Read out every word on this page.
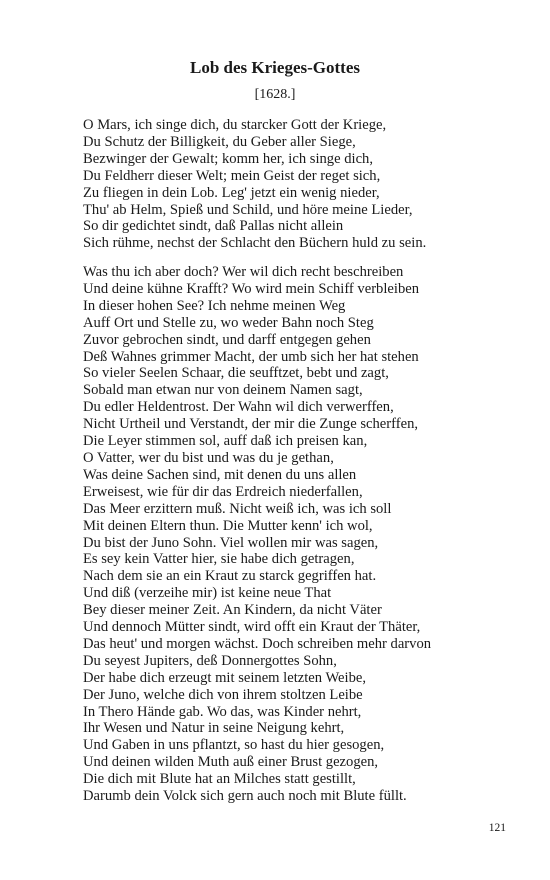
Lob des Krieges-Gottes
[1628.]
O Mars, ich singe dich, du starcker Gott der Kriege,
Du Schutz der Billigkeit, du Geber aller Siege,
Bezwinger der Gewalt; komm her, ich singe dich,
Du Feldherr dieser Welt; mein Geist der reget sich,
Zu fliegen in dein Lob. Leg' jetzt ein wenig nieder,
Thu' ab Helm, Spieß und Schild, und höre meine Lieder,
So dir gedichtet sindt, daß Pallas nicht allein
Sich rühme, nechst der Schlacht den Büchern huld zu sein.
Was thu ich aber doch? Wer wil dich recht beschreiben
Und deine kühne Krafft? Wo wird mein Schiff verbleiben
In dieser hohen See? Ich nehme meinen Weg
Auff Ort und Stelle zu, wo weder Bahn noch Steg
Zuvor gebrochen sindt, und darff entgegen gehen
Deß Wahnes grimmer Macht, der umb sich her hat stehen
So vieler Seelen Schaar, die seufftzet, bebt und zagt,
Sobald man etwan nur von deinem Namen sagt,
Du edler Heldentrost. Der Wahn wil dich verwerffen,
Nicht Urtheil und Verstandt, der mir die Zunge scherffen,
Die Leyer stimmen sol, auff daß ich preisen kan,
O Vatter, wer du bist und was du je gethan,
Was deine Sachen sind, mit denen du uns allen
Erweisest, wie für dir das Erdreich niederfallen,
Das Meer erzittern muß. Nicht weiß ich, was ich soll
Mit deinen Eltern thun. Die Mutter kenn' ich wol,
Du bist der Juno Sohn. Viel wollen mir was sagen,
Es sey kein Vatter hier, sie habe dich getragen,
Nach dem sie an ein Kraut zu starck gegriffen hat.
Und diß (verzeihe mir) ist keine neue That
Bey dieser meiner Zeit. An Kindern, da nicht Väter
Und dennoch Mütter sindt, wird offt ein Kraut der Thäter,
Das heut' und morgen wächst. Doch schreiben mehr darvon
Du seyest Jupiters, deß Donnergottes Sohn,
Der habe dich erzeugt mit seinem letzten Weibe,
Der Juno, welche dich von ihrem stoltzen Leibe
In Thero Hände gab. Wo das, was Kinder nehrt,
Ihr Wesen und Natur in seine Neigung kehrt,
Und Gaben in uns pflantzt, so hast du hier gesogen,
Und deinen wilden Muth auß einer Brust gezogen,
Die dich mit Blute hat an Milches statt gestillt,
Darumb dein Volck sich gern auch noch mit Blute füllt.
121
